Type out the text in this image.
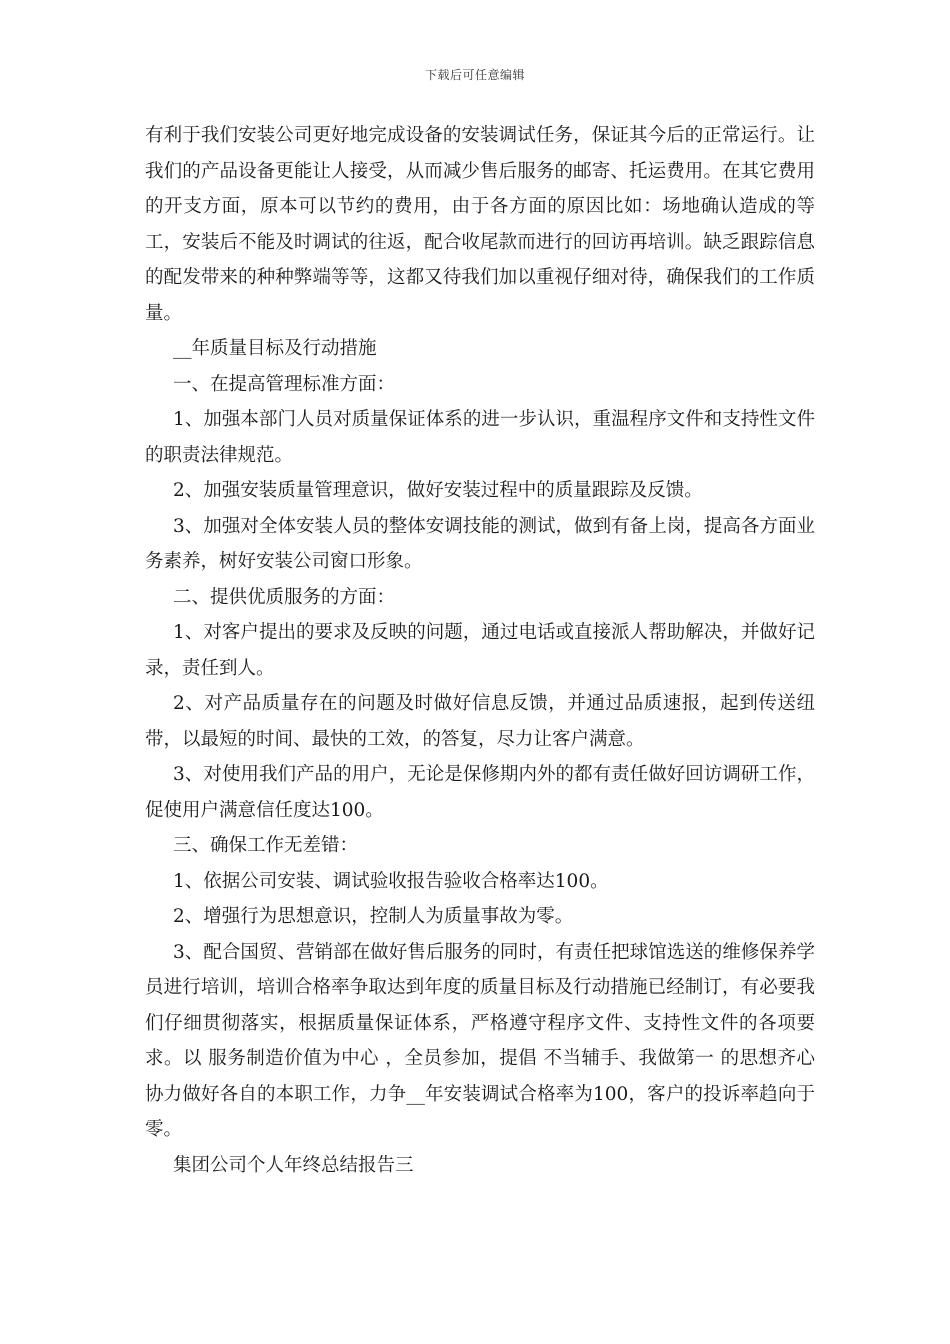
下载后可任意编辑

有利于我们安装公司更好地完成设备的安装调试任务，保证其今后的正常运行。让我们的产品设备更能让人接受，从而减少售后服务的邮寄、托运费用。在其它费用的开支方面，原本可以节约的费用，由于各方面的原因比如：场地确认造成的等工，安装后不能及时调试的往返，配合收尾款而进行的回访再培训。缺乏跟踪信息的配发带来的种种弊端等等，这都又待我们加以重视仔细对待，确保我们的工作质量。

__年质量目标及行动措施

一、在提高管理标准方面：

1、加强本部门人员对质量保证体系的进一步认识，重温程序文件和支持性文件的职责法律规范。

2、加强安装质量管理意识，做好安装过程中的质量跟踪及反馈。

3、加强对全体安装人员的整体安调技能的测试，做到有备上岗，提高各方面业务素养，树好安装公司窗口形象。

二、提供优质服务的方面：

1、对客户提出的要求及反映的问题，通过电话或直接派人帮助解决，并做好记录，责任到人。

2、对产品质量存在的问题及时做好信息反馈，并通过品质速报，起到传送纽带，以最短的时间、最快的工效，的答复，尽力让客户满意。

3、对使用我们产品的用户，无论是保修期内外的都有责任做好回访调研工作，促使用户满意信任度达100。

三、确保工作无差错：

1、依据公司安装、调试验收报告验收合格率达100。

2、增强行为思想意识，控制人为质量事故为零。

3、配合国贸、营销部在做好售后服务的同时，有责任把球馆选送的维修保养学员进行培训，培训合格率争取达到年度的质量目标及行动措施已经制订，有必要我们仔细贯彻落实，根据质量保证体系，严格遵守程序文件、支持性文件的各项要求。以 服务制造价值为中心 ，全员参加，提倡 不当辅手、我做第一 的思想齐心协力做好各自的本职工作，力争__年安装调试合格率为100，客户的投诉率趋向于零。

集团公司个人年终总结报告三
